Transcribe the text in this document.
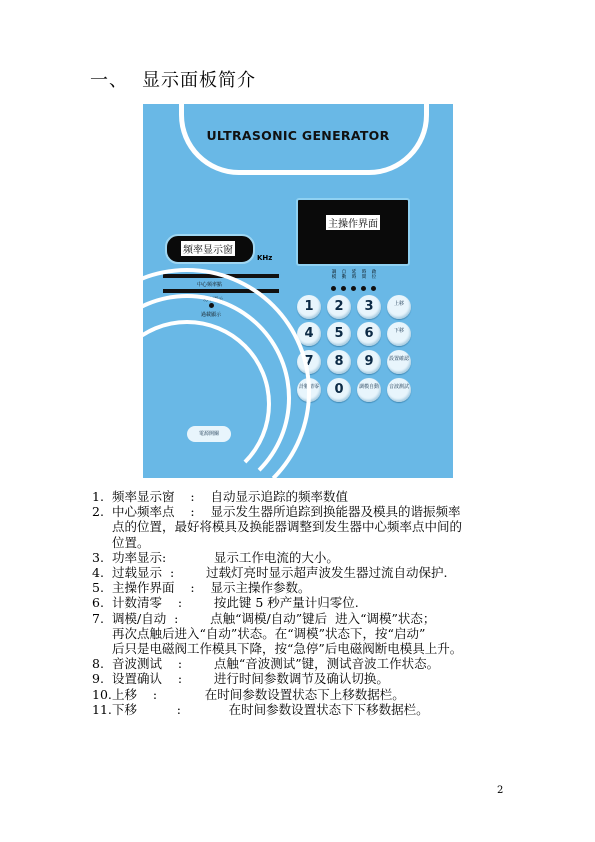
一、 显示面板简介
ULTRASONIC GENERATOR
主操作界面
频率显示窗
KHz
中心频率點
功率顯示
過載顯示
調模
自動
延時
時間
啟位
1	2	3	上移
4	5	6	下移
7	8	9	設置確認
計數清零	0	調模自動	音波測試
電源開關
1. 频率显示窗    :    自动显示追踪的频率数值
2. 中心频率点    :    显示发生器所追踪到换能器及模具的谐振频率
点的位置，最好将模具及换能器调整到发生器中心频率点中间的
位置。
3. 功率显示:            显示工作电流的大小。
4. 过载显示  :        过载灯亮时显示超声波发生器过流自动保护.
5. 主操作界面    :    显示主操作参数。
6. 计数清零    :        按此键 5 秒产量计归零位.
7. 调模/自动  :        点触“调模/自动”键后  进入“调模”状态；
再次点触后进入“自动”状态。在“调模”状态下，按“启动”
后只是电磁阀工作模具下降，按“急停”后电磁阀断电模具上升。
8. 音波测试    :        点触“音波测试”键，测试音波工作状态。
9. 设置确认    :        进行时间参数调节及确认切换。
10. 上移    :            在时间参数设置状态下上移数据栏。
11. 下移          :            在时间参数设置状态下下移数据栏。
2
